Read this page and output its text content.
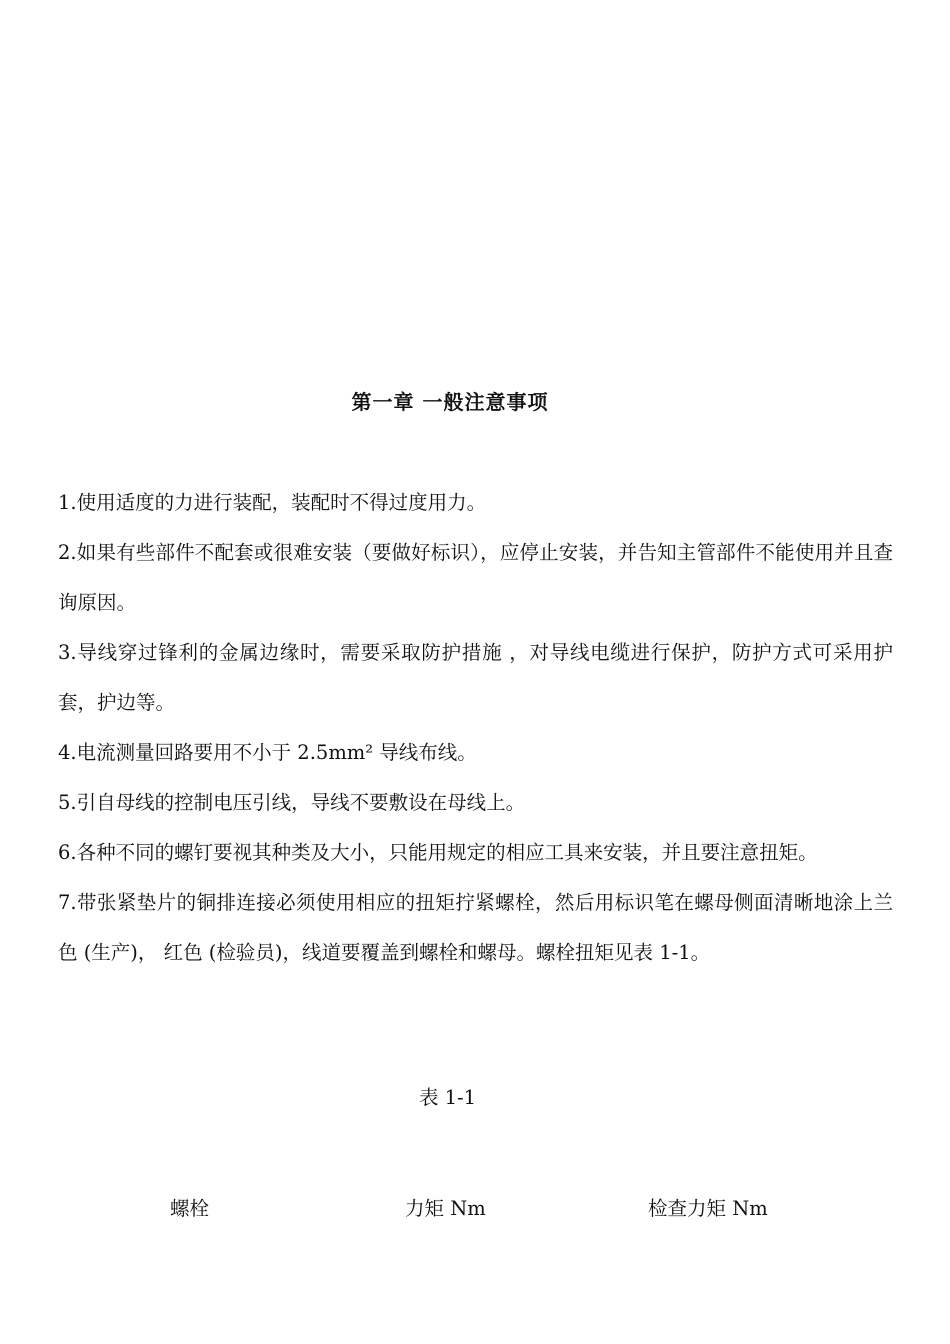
第一章 一般注意事项

1.使用适度的力进行装配，装配时不得过度用力。

2.如果有些部件不配套或很难安装（要做好标识），应停止安装，并告知主管部件不能使用并且查询原因。

3.导线穿过锋利的金属边缘时，需要采取防护措施 ，对导线电缆进行保护，防护方式可采用护套，护边等。

4.电流测量回路要用不小于 2.5mm² 导线布线。

5.引自母线的控制电压引线，导线不要敷设在母线上。

6.各种不同的螺钉要视其种类及大小，只能用规定的相应工具来安装，并且要注意扭矩。

7.带张紧垫片的铜排连接必须使用相应的扭矩拧紧螺栓，然后用标识笔在螺母侧面清晰地涂上兰色 (生产)， 红色 (检验员)，线道要覆盖到螺栓和螺母。螺栓扭矩见表 1-1。

表 1-1
螺栓	力矩 Nm	检查力矩 Nm
